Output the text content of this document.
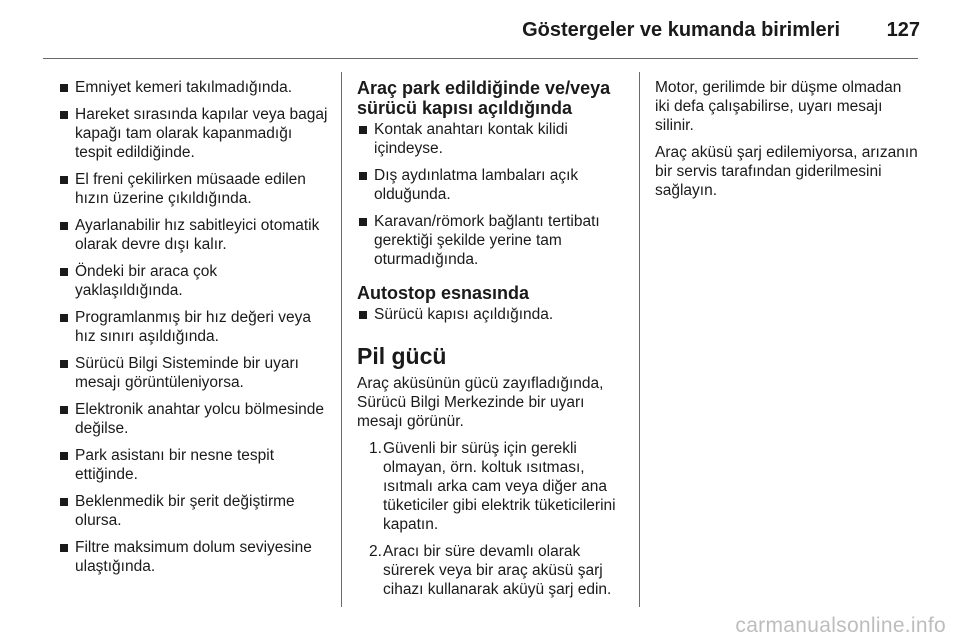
Göstergeler ve kumanda birimleri 127
Emniyet kemeri takılmadığında.
Hareket sırasında kapılar veya bagaj kapağı tam olarak kapanmadığı tespit edildiğinde.
El freni çekilirken müsaade edilen hızın üzerine çıkıldığında.
Ayarlanabilir hız sabitleyici otomatik olarak devre dışı kalır.
Öndeki bir araca çok yaklaşıldığında.
Programlanmış bir hız değeri veya hız sınırı aşıldığında.
Sürücü Bilgi Sisteminde bir uyarı mesajı görüntüleniyorsa.
Elektronik anahtar yolcu bölmesinde değilse.
Park asistanı bir nesne tespit ettiğinde.
Beklenmedik bir şerit değiştirme olursa.
Filtre maksimum dolum seviyesine ulaştığında.
Araç park edildiğinde ve/veya sürücü kapısı açıldığında
Kontak anahtarı kontak kilidi içindeyse.
Dış aydınlatma lambaları açık olduğunda.
Karavan/römork bağlantı tertibatı gerektiği şekilde yerine tam oturmadığında.
Autostop esnasında
Sürücü kapısı açıldığında.
Pil gücü
Araç aküsünün gücü zayıfladığında, Sürücü Bilgi Merkezinde bir uyarı mesajı görünür.
1. Güvenli bir sürüş için gerekli olmayan, örn. koltuk ısıtması, ısıtmalı arka cam veya diğer ana tüketiciler gibi elektrik tüketicilerini kapatın.
2. Aracı bir süre devamlı olarak sürerek veya bir araç aküsü şarj cihazı kullanarak aküyü şarj edin.
Motor, gerilimde bir düşme olmadan iki defa çalışabilirse, uyarı mesajı silinir.
Araç aküsü şarj edilemiyorsa, arızanın bir servis tarafından giderilmesini sağlayın.
carmanualsonline.info
